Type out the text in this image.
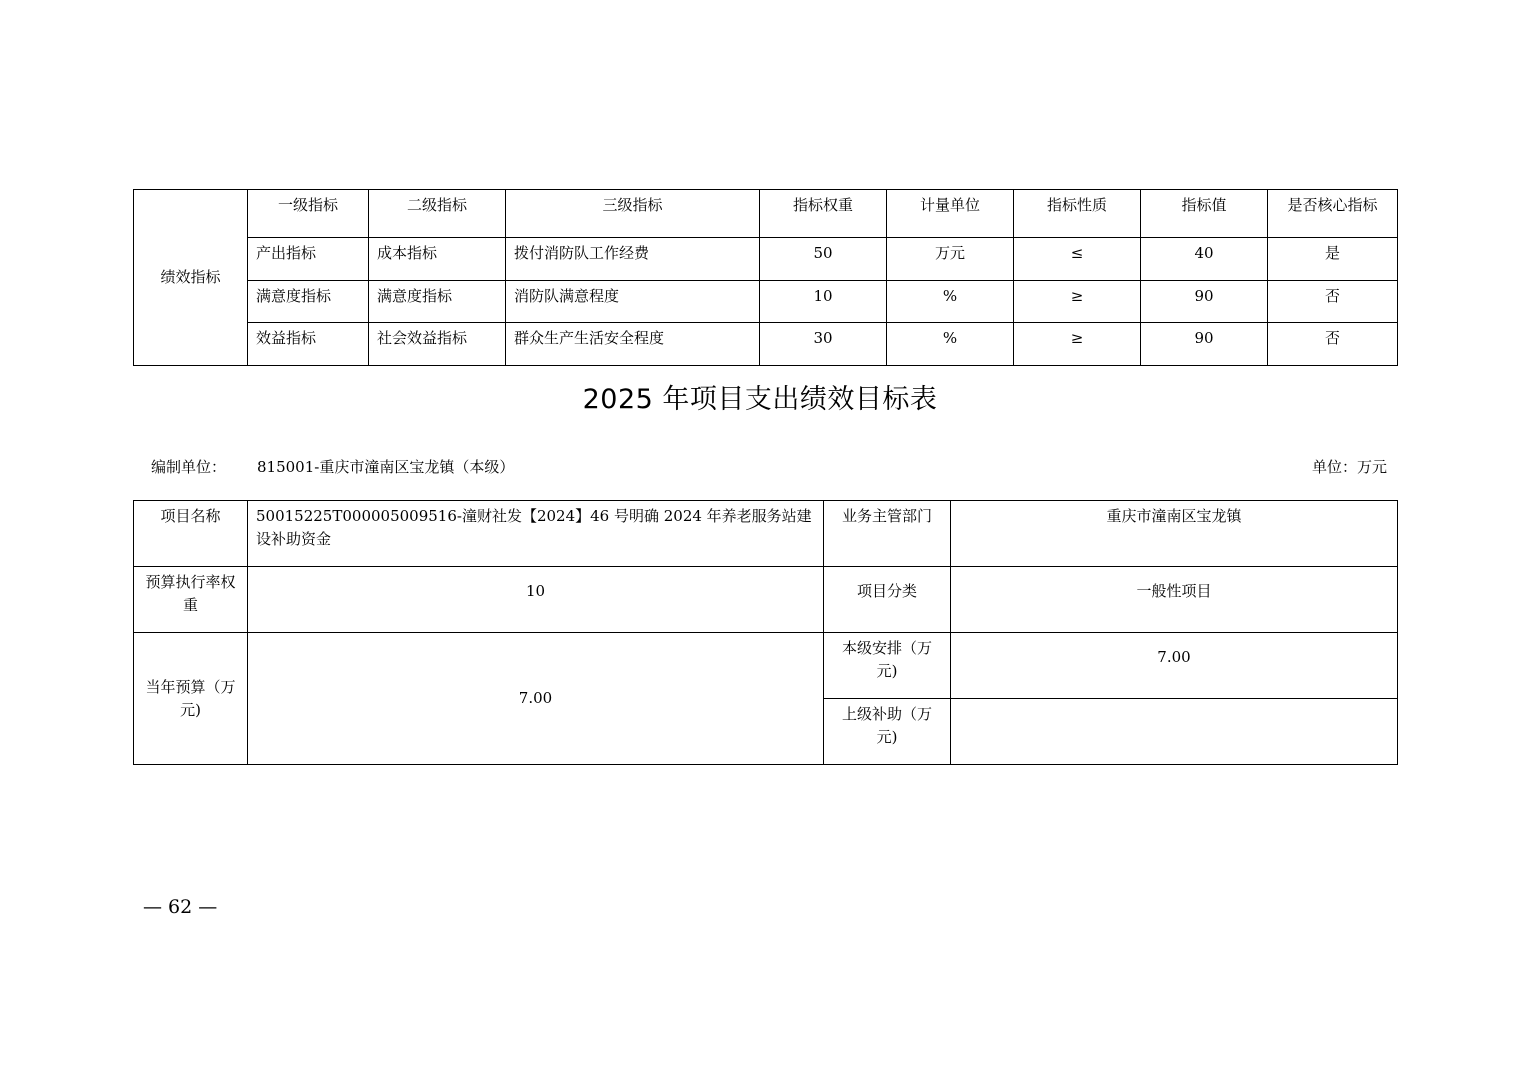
绩效指标	一级指标	二级指标	三级指标	指标权重	计量单位	指标性质	指标值	是否核心指标
	产出指标	成本指标	拨付消防队工作经费	50	万元	≤	40	是
	满意度指标	满意度指标	消防队满意程度	10	%	≥	90	否
	效益指标	社会效益指标	群众生产生活安全程度	30	%	≥	90	否
2025 年项目支出绩效目标表
编制单位： 815001-重庆市潼南区宝龙镇（本级）	单位：万元
项目名称	50015225T000005009516-潼财社发【2024】46 号明确 2024 年养老服务站建设补助资金	业务主管部门	重庆市潼南区宝龙镇
预算执行率权重	10	项目分类	一般性项目
当年预算（万元)	7.00	本级安排（万元)	7.00
		上级补助（万元)	
— 62 —
